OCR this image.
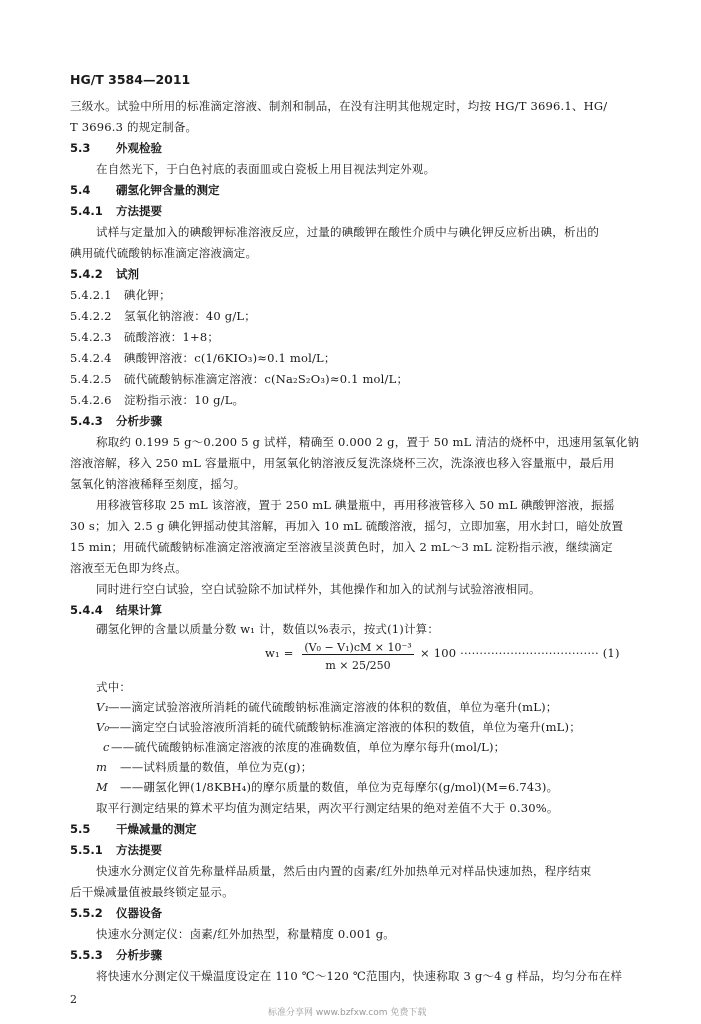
HG/T 3584—2011
三级水。试验中所用的标准滴定溶液、制剂和制品，在没有注明其他规定时，均按 HG/T 3696.1、HG/
T 3696.3 的规定制备。
5.3 外观检验
在自然光下，于白色衬底的表面皿或白瓷板上用目视法判定外观。
5.4 硼氢化钾含量的测定
5.4.1 方法提要
试样与定量加入的碘酸钾标准溶液反应，过量的碘酸钾在酸性介质中与碘化钾反应析出碘，析出的
碘用硫代硫酸钠标准滴定溶液滴定。
5.4.2 试剂
5.4.2.1 碘化钾；
5.4.2.2 氢氧化钠溶液：40 g/L；
5.4.2.3 硫酸溶液：1+8；
5.4.2.4 碘酸钾溶液：c(1/6KIO₃)≈0.1 mol/L；
5.4.2.5 硫代硫酸钠标准滴定溶液：c(Na₂S₂O₃)≈0.1 mol/L；
5.4.2.6 淀粉指示液：10 g/L。
5.4.3 分析步骤
称取约 0.199 5 g～0.200 5 g 试样，精确至 0.000 2 g，置于 50 mL 清洁的烧杯中，迅速用氢氧化钠
溶液溶解，移入 250 mL 容量瓶中，用氢氧化钠溶液反复洗涤烧杯三次，洗涤液也移入容量瓶中，最后用
氢氧化钠溶液稀释至刻度，摇匀。
用移液管移取 25 mL 该溶液，置于 250 mL 碘量瓶中，再用移液管移入 50 mL 碘酸钾溶液，振摇
30 s；加入 2.5 g 碘化钾摇动使其溶解，再加入 10 mL 硫酸溶液，摇匀，立即加塞，用水封口，暗处放置
15 min；用硫代硫酸钠标准滴定溶液滴定至溶液呈淡黄色时，加入 2 mL～3 mL 淀粉指示液，继续滴定
溶液至无色即为终点。
同时进行空白试验，空白试验除不加试样外，其他操作和加入的试剂与试验溶液相同。
5.4.4 结果计算
硼氢化钾的含量以质量分数 w₁ 计，数值以%表示，按式(1)计算：
w₁ = (V₀ − V₁)cM × 10⁻³
m × 25/250
× 100 ···································· (1)
式中：
V₁——滴定试验溶液所消耗的硫代硫酸钠标准滴定溶液的体积的数值，单位为毫升(mL)；
V₀——滴定空白试验溶液所消耗的硫代硫酸钠标准滴定溶液的体积的数值，单位为毫升(mL)；
c——硫代硫酸钠标准滴定溶液的浓度的准确数值，单位为摩尔每升(mol/L)；
m ——试料质量的数值，单位为克(g)；
M ——硼氢化钾(1/8KBH₄)的摩尔质量的数值，单位为克每摩尔(g/mol)(M=6.743)。
取平行测定结果的算术平均值为测定结果，两次平行测定结果的绝对差值不大于 0.30%。
5.5 干燥减量的测定
5.5.1 方法提要
快速水分测定仪首先称量样品质量，然后由内置的卤素/红外加热单元对样品快速加热，程序结束
后干燥减量值被最终锁定显示。
5.5.2 仪器设备
快速水分测定仪：卤素/红外加热型，称量精度 0.001 g。
5.5.3 分析步骤
将快速水分测定仪干燥温度设定在 110 ℃～120 ℃范围内，快速称取 3 g～4 g 样品，均匀分布在样
2
标准分享网 www.bzfxw.com 免费下载
